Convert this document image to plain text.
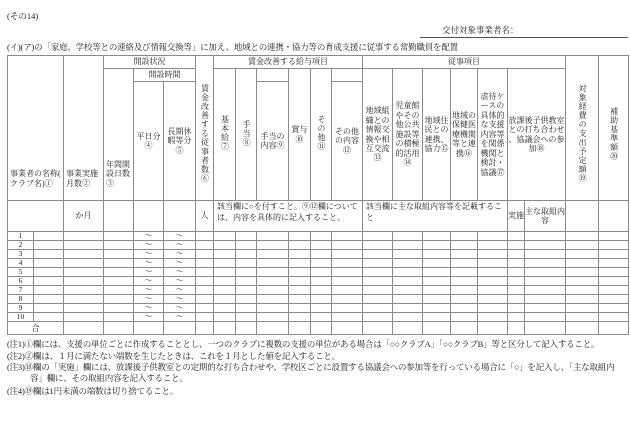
(その14)
交付対象事業者名：
(イ)(ア)の「家庭、学校等との連絡及び情報交換等」に加え、地域との連携・協力等の育成支援に従事する常勤職員を配置
事業者の名称(クラブ名)①		事業実施月数②	開設状況			賃金改善する従事者数⑥	賃金改善する給与項目						従事項目							対象経費の支出予定額⑲	補助基準額⑳
			年間開設日数③	開設時間			基本給⑦	手当⑧		賞与⑩	その他⑪		地域組織との情報交換や相互交流⑬	児童館やその他公共施設等の積極的活用⑭	地域住民との連携、協力⑮	地域の保健医療機関等と連携⑯	虐待ケースの具体的な支援内容等を関係機関と検討・協議⑰	放課後子供教室との打ち合わせ、協議会への参加⑱			
				平日分④	長期休暇等分⑤				手当の内容⑨			その他の内容⑫									
		か月				人	該当欄に○を付すこと。⑨⑫欄については、内容を具体的に記入すること。						該当欄に主な取組内容等を記載すること					実施	主な取組内容		
1				～	～																
2				～	～																
3				～	～																
4				～	～																
5				～	～																
6				～	～																
7				～	～																
8				～	～																
9				～	～																
10				～	～																
合																					
(注1)①欄には、支援の単位ごとに作成することとし、一つのクラブに複数の支援の単位がある場合は「○○クラブA」「○○クラブB」等と区分して記入すること。
(注2)②欄は、１月に満たない端数を生じたときは、これを１月とした値を記入すること。
(注3)⑱欄の「実施」欄には、放課後子供教室との定期的な打ち合わせや、学校区ごとに設置する協議会への参加等を行っている場合に「○」を記入し、「主な取組内容」欄に、その取組内容を記入すること。
(注4)⑲欄は1円未満の端数は切り捨てること。
